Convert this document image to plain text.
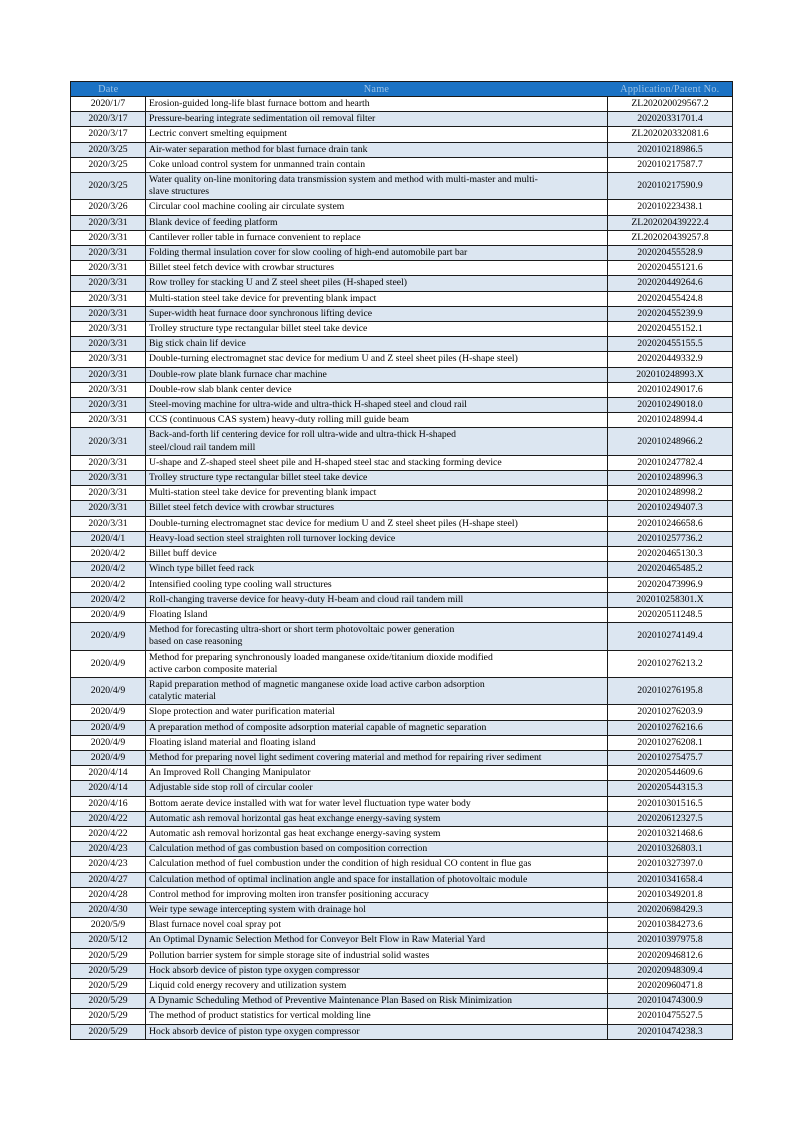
Date	Name	Application/Patent No.
2020/1/7	Erosion-guided long-life blast furnace bottom and hearth	ZL202020029567.2
2020/3/17	Pressure-bearing integrate sedimentation oil removal filter	202020331701.4
2020/3/17	Lectric convert smelting equipment	ZL202020332081.6
2020/3/25	Air-water separation method for blast furnace drain tank	202010218986.5
2020/3/25	Coke unload control system for unmanned train contain	202010217587.7
2020/3/25	Water quality on-line monitoring data transmission system and method with multi-master and multi-
slave structures	202010217590.9
2020/3/26	Circular cool machine cooling air circulate system	202010223438.1
2020/3/31	Blank device of feeding platform	ZL202020439222.4
2020/3/31	Cantilever roller table in furnace convenient to replace	ZL202020439257.8
2020/3/31	Folding thermal insulation cover for slow cooling of high-end automobile part bar	202020455528.9
2020/3/31	Billet steel fetch device with crowbar structures	202020455121.6
2020/3/31	Row trolley for stacking U and Z steel sheet piles (H-shaped steel)	202020449264.6
2020/3/31	Multi-station steel take device for preventing blank impact	202020455424.8
2020/3/31	Super-width heat furnace door synchronous lifting device	202020455239.9
2020/3/31	Trolley structure type rectangular billet steel take device	202020455152.1
2020/3/31	Big stick chain lif device	202020455155.5
2020/3/31	Double-turning electromagnet stac device for medium U and Z steel sheet piles (H-shape steel)	202020449332.9
2020/3/31	Double-row plate blank furnace char machine	202010248993.X
2020/3/31	Double-row slab blank center device	202010249017.6
2020/3/31	Steel-moving machine for ultra-wide and ultra-thick H-shaped steel and cloud rail	202010249018.0
2020/3/31	CCS (continuous CAS system) heavy-duty rolling mill guide beam	202010248994.4
2020/3/31	Back-and-forth lif centering device for roll ultra-wide and ultra-thick H-shaped
steel/cloud rail tandem mill	202010248966.2
2020/3/31	U-shape and Z-shaped steel sheet pile and H-shaped steel stac and stacking forming device	202010247782.4
2020/3/31	Trolley structure type rectangular billet steel take device	202010248996.3
2020/3/31	Multi-station steel take device for preventing blank impact	202010248998.2
2020/3/31	Billet steel fetch device with crowbar structures	202010249407.3
2020/3/31	Double-turning electromagnet stac device for medium U and Z steel sheet piles (H-shape steel)	202010246658.6
2020/4/1	Heavy-load section steel straighten roll turnover locking device	202010257736.2
2020/4/2	Billet buff device	202020465130.3
2020/4/2	Winch type billet feed rack	202020465485.2
2020/4/2	Intensified cooling type cooling wall structures	202020473996.9
2020/4/2	Roll-changing traverse device for heavy-duty H-beam and cloud rail tandem mill	202010258301.X
2020/4/9	Floating Island	202020511248.5
2020/4/9	Method for forecasting ultra-short or short term photovoltaic power generation
based on case reasoning	202010274149.4
2020/4/9	Method for preparing synchronously loaded manganese oxide/titanium dioxide modified
active carbon composite material	202010276213.2
2020/4/9	Rapid preparation method of magnetic manganese oxide load active carbon adsorption
catalytic material	202010276195.8
2020/4/9	Slope protection and water purification material	202010276203.9
2020/4/9	A preparation method of composite adsorption material capable of magnetic separation	202010276216.6
2020/4/9	Floating island material and floating island	202010276208.1
2020/4/9	Method for preparing novel light sediment covering material and method for repairing river sediment	202010275475.7
2020/4/14	An Improved Roll Changing Manipulator	202020544609.6
2020/4/14	Adjustable side stop roll of circular cooler	202020544315.3
2020/4/16	Bottom aerate device installed with wat for water level fluctuation type water body	202010301516.5
2020/4/22	Automatic ash removal horizontal gas heat exchange energy-saving system	202020612327.5
2020/4/22	Automatic ash removal horizontal gas heat exchange energy-saving system	202010321468.6
2020/4/23	Calculation method of gas combustion based on composition correction	202010326803.1
2020/4/23	Calculation method of fuel combustion under the condition of high residual CO content in flue gas	202010327397.0
2020/4/27	Calculation method of optimal inclination angle and space for installation of photovoltaic module	202010341658.4
2020/4/28	Control method for improving molten iron transfer positioning accuracy	202010349201.8
2020/4/30	Weir type sewage intercepting system with drainage hol	202020698429.3
2020/5/9	Blast furnace novel coal spray pot	202010384273.6
2020/5/12	An Optimal Dynamic Selection Method for Conveyor Belt Flow in Raw Material Yard	202010397975.8
2020/5/29	Pollution barrier system for simple storage site of industrial solid wastes	202020946812.6
2020/5/29	Hock absorb device of piston type oxygen compressor	202020948309.4
2020/5/29	Liquid cold energy recovery and utilization system	202020960471.8
2020/5/29	A Dynamic Scheduling Method of Preventive Maintenance Plan Based on Risk Minimization	202010474300.9
2020/5/29	The method of product statistics for vertical molding line	202010475527.5
2020/5/29	Hock absorb device of piston type oxygen compressor	202010474238.3
